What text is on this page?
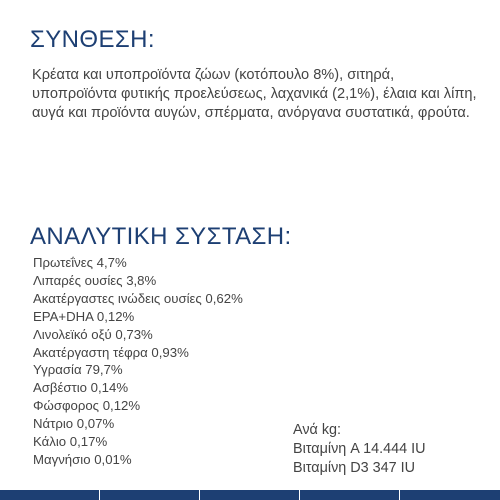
ΣΥΝΘΕΣΗ:

Κρέατα και υποπροϊόντα ζώων (κοτόπουλο 8%), σιτηρά, υποπροϊόντα φυτικής προελεύσεως, λαχανικά (2,1%), έλαια και λίπη, αυγά και προϊόντα αυγών, σπέρματα, ανόργανα συστατικά, φρούτα.

ΑΝΑΛΥΤΙΚΗ ΣΥΣΤΑΣΗ:
Πρωτεΐνες 4,7%
Λιπαρές ουσίες 3,8%
Ακατέργαστες ινώδεις ουσίες 0,62%
EPA+DHA 0,12%
Λινολεϊκό οξύ 0,73%
Ακατέργαστη τέφρα 0,93%
Υγρασία 79,7%
Ασβέστιο 0,14%
Φώσφορος 0,12%
Νάτριο 0,07%
Κάλιο 0,17%
Μαγνήσιο 0,01%
Ανά kg:
Βιταμίνη A 14.444 IU
Βιταμίνη D3 347 IU
